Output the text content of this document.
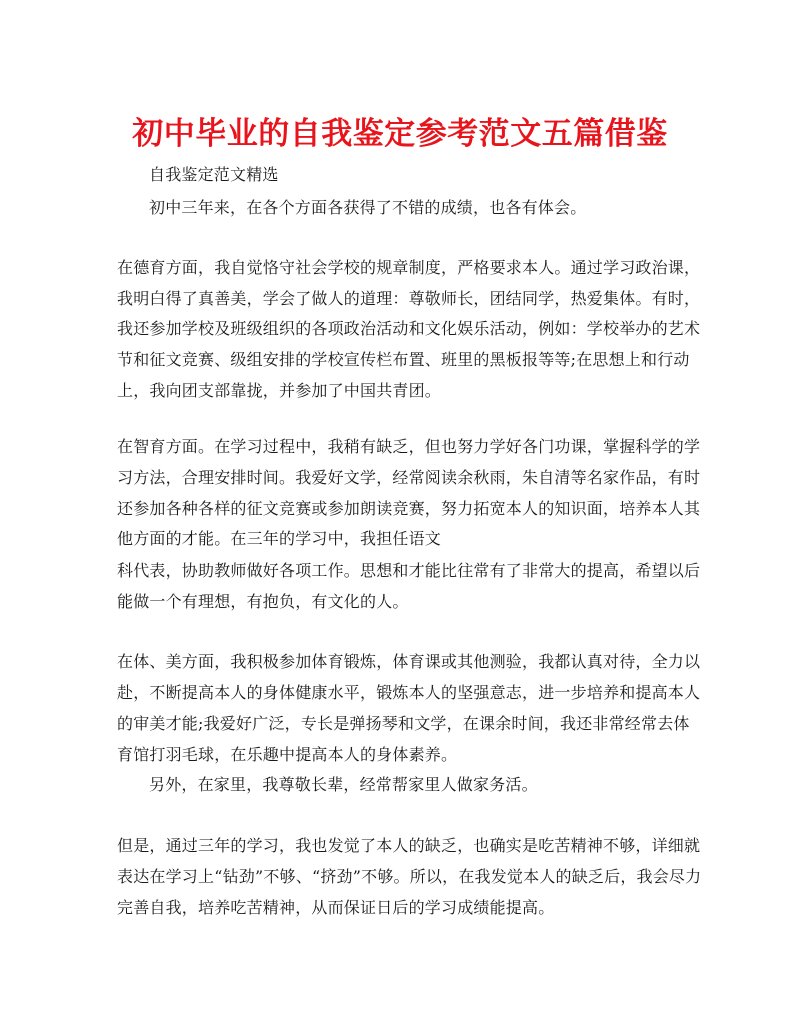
初中毕业的自我鉴定参考范文五篇借鉴

自我鉴定范文精选

初中三年来，在各个方面各获得了不错的成绩，也各有体会。

在德育方面，我自觉恪守社会学校的规章制度，严格要求本人。通过学习政治课，

我明白得了真善美，学会了做人的道理：尊敬师长，团结同学，热爱集体。有时，

我还参加学校及班级组织的各项政治活动和文化娱乐活动，例如：学校举办的艺术

节和征文竞赛、级组安排的学校宣传栏布置、班里的黑板报等等;在思想上和行动

上，我向团支部靠拢，并参加了中国共青团。

在智育方面。在学习过程中，我稍有缺乏，但也努力学好各门功课，掌握科学的学

习方法，合理安排时间。我爱好文学，经常阅读余秋雨，朱自清等名家作品，有时

还参加各种各样的征文竞赛或参加朗读竞赛，努力拓宽本人的知识面，培养本人其

他方面的才能。在三年的学习中，我担任语文

科代表，协助教师做好各项工作。思想和才能比往常有了非常大的提高，希望以后

能做一个有理想，有抱负，有文化的人。

在体、美方面，我积极参加体育锻炼，体育课或其他测验，我都认真对待，全力以

赴，不断提高本人的身体健康水平，锻炼本人的坚强意志，进一步培养和提高本人

的审美才能;我爱好广泛，专长是弹扬琴和文学，在课余时间，我还非常经常去体

育馆打羽毛球，在乐趣中提高本人的身体素养。

另外，在家里，我尊敬长辈，经常帮家里人做家务活。

但是，通过三年的学习，我也发觉了本人的缺乏，也确实是吃苦精神不够，详细就

表达在学习上“钻劲”不够、“挤劲”不够。所以，在我发觉本人的缺乏后，我会尽力

完善自我，培养吃苦精神，从而保证日后的学习成绩能提高。
